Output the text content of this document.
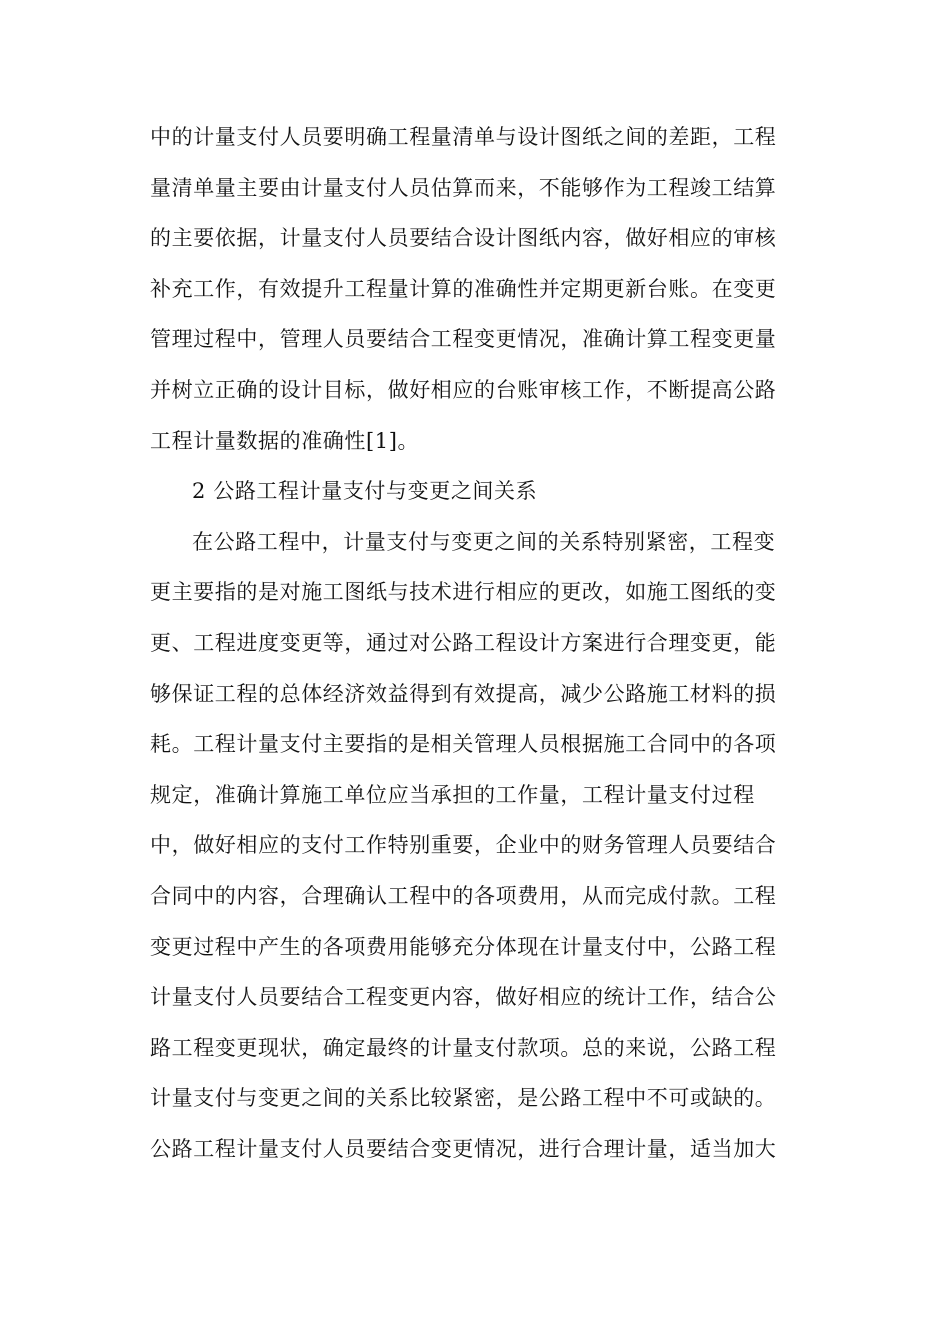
中的计量支付人员要明确工程量清单与设计图纸之间的差距，工程
量清单量主要由计量支付人员估算而来，不能够作为工程竣工结算
的主要依据，计量支付人员要结合设计图纸内容，做好相应的审核
补充工作，有效提升工程量计算的准确性并定期更新台账。在变更
管理过程中，管理人员要结合工程变更情况，准确计算工程变更量
并树立正确的设计目标，做好相应的台账审核工作，不断提高公路
工程计量数据的准确性[1]。
2 公路工程计量支付与变更之间关系
在公路工程中，计量支付与变更之间的关系特别紧密，工程变
更主要指的是对施工图纸与技术进行相应的更改，如施工图纸的变
更、工程进度变更等，通过对公路工程设计方案进行合理变更，能
够保证工程的总体经济效益得到有效提高，减少公路施工材料的损
耗。工程计量支付主要指的是相关管理人员根据施工合同中的各项
规定，准确计算施工单位应当承担的工作量，工程计量支付过程
中，做好相应的支付工作特别重要，企业中的财务管理人员要结合
合同中的内容，合理确认工程中的各项费用，从而完成付款。工程
变更过程中产生的各项费用能够充分体现在计量支付中，公路工程
计量支付人员要结合工程变更内容，做好相应的统计工作，结合公
路工程变更现状，确定最终的计量支付款项。总的来说，公路工程
计量支付与变更之间的关系比较紧密，是公路工程中不可或缺的。
公路工程计量支付人员要结合变更情况，进行合理计量，适当加大
